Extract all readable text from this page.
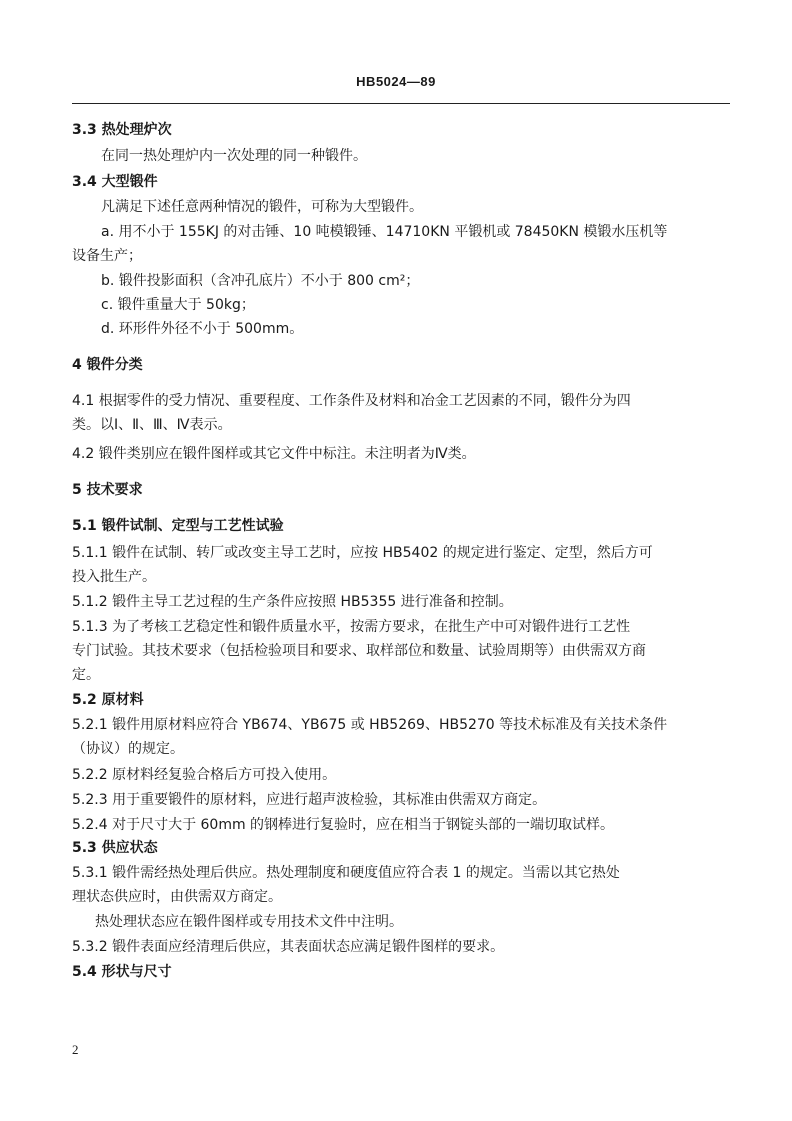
HB5024—89
3.3 热处理炉次
在同一热处理炉内一次处理的同一种锻件。
3.4 大型锻件
凡满足下述任意两种情况的锻件，可称为大型锻件。
a. 用不小于 155KJ 的对击锤、10 吨模锻锤、14710KN 平锻机或 78450KN 模锻水压机等
设备生产；
b. 锻件投影面积（含冲孔底片）不小于 800 cm²；
c. 锻件重量大于 50kg；
d. 环形件外径不小于 500mm。
4 锻件分类
4.1 根据零件的受力情况、重要程度、工作条件及材料和冶金工艺因素的不同，锻件分为四
类。以Ⅰ、Ⅱ、Ⅲ、Ⅳ表示。
4.2 锻件类别应在锻件图样或其它文件中标注。未注明者为Ⅳ类。
5 技术要求
5.1 锻件试制、定型与工艺性试验
5.1.1 锻件在试制、转厂或改变主导工艺时，应按 HB5402 的规定进行鉴定、定型，然后方可
投入批生产。
5.1.2 锻件主导工艺过程的生产条件应按照 HB5355 进行准备和控制。
5.1.3 为了考核工艺稳定性和锻件质量水平，按需方要求，在批生产中可对锻件进行工艺性
专门试验。其技术要求（包括检验项目和要求、取样部位和数量、试验周期等）由供需双方商
定。
5.2 原材料
5.2.1 锻件用原材料应符合 YB674、YB675 或 HB5269、HB5270 等技术标准及有关技术条件
（协议）的规定。
5.2.2 原材料经复验合格后方可投入使用。
5.2.3 用于重要锻件的原材料，应进行超声波检验，其标准由供需双方商定。
5.2.4 对于尺寸大于 60mm 的钢棒进行复验时，应在相当于钢锭头部的一端切取试样。
5.3 供应状态
5.3.1 锻件需经热处理后供应。热处理制度和硬度值应符合表 1 的规定。当需以其它热处
理状态供应时，由供需双方商定。
热处理状态应在锻件图样或专用技术文件中注明。
5.3.2 锻件表面应经清理后供应，其表面状态应满足锻件图样的要求。
5.4 形状与尺寸
2
